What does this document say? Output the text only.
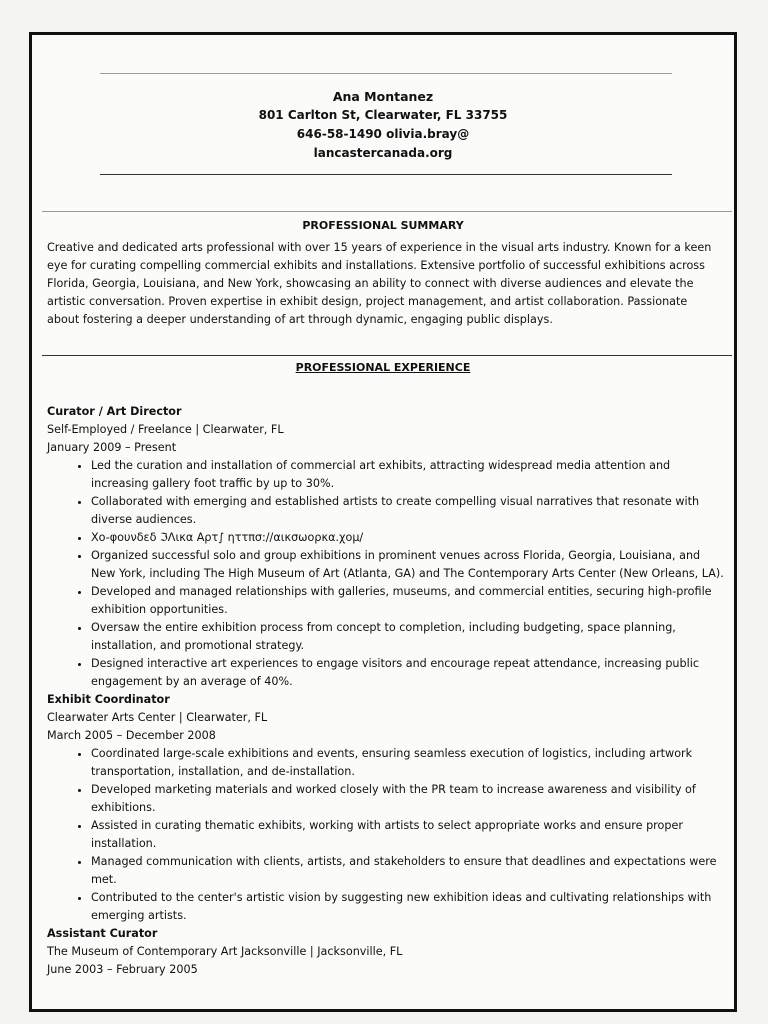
Ana Montanez
801 Carlton St, Clearwater, FL 33755
646-58-1490 olivia.bray@
lancastercanada.org
PROFESSIONAL SUMMARY
Creative and dedicated arts professional with over 15 years of experience in the visual arts industry. Known for a keen eye for curating compelling commercial exhibits and installations. Extensive portfolio of successful exhibitions across Florida, Georgia, Louisiana, and New York, showcasing an ability to connect with diverse audiences and elevate the artistic conversation. Proven expertise in exhibit design, project management, and artist collaboration. Passionate about fostering a deeper understanding of art through dynamic, engaging public displays.
PROFESSIONAL EXPERIENCE
Curator / Art Director
Self-Employed / Freelance | Clearwater, FL
January 2009 – Present
• Led the curation and installation of commercial art exhibits, attracting widespread media attention and increasing gallery foot traffic by up to 30%.
• Collaborated with emerging and established artists to create compelling visual narratives that resonate with diverse audiences.
• Xo-φουνδεδ ℑΛικα Αρτ∫ ηττπσ://αικσωορκα.χομ/
• Organized successful solo and group exhibitions in prominent venues across Florida, Georgia, Louisiana, and New York, including The High Museum of Art (Atlanta, GA) and The Contemporary Arts Center (New Orleans, LA).
• Developed and managed relationships with galleries, museums, and commercial entities, securing high-profile exhibition opportunities.
• Oversaw the entire exhibition process from concept to completion, including budgeting, space planning, installation, and promotional strategy.
• Designed interactive art experiences to engage visitors and encourage repeat attendance, increasing public engagement by an average of 40%.
Exhibit Coordinator
Clearwater Arts Center | Clearwater, FL
March 2005 – December 2008
• Coordinated large-scale exhibitions and events, ensuring seamless execution of logistics, including artwork transportation, installation, and de-installation.
• Developed marketing materials and worked closely with the PR team to increase awareness and visibility of exhibitions.
• Assisted in curating thematic exhibits, working with artists to select appropriate works and ensure proper installation.
• Managed communication with clients, artists, and stakeholders to ensure that deadlines and expectations were met.
• Contributed to the center's artistic vision by suggesting new exhibition ideas and cultivating relationships with emerging artists.
Assistant Curator
The Museum of Contemporary Art Jacksonville | Jacksonville, FL
June 2003 – February 2005
